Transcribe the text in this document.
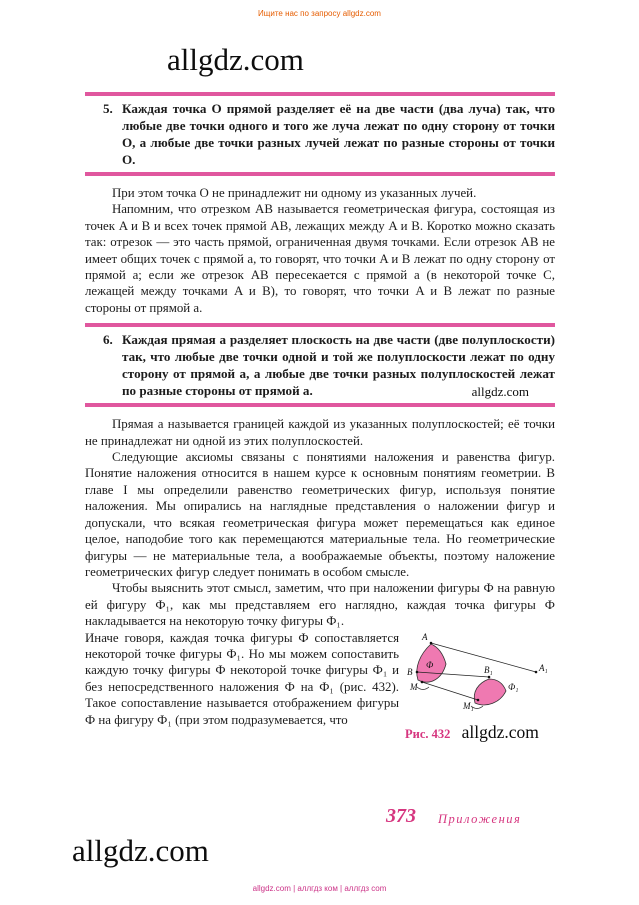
Ищите нас по запросу allgdz.com
allgdz.com
5. Каждая точка O прямой разделяет её на две части (два луча) так, что любые две точки одного и того же луча лежат по одну сторону от точки O, а любые две точки разных лучей лежат по разные стороны от точки O.

При этом точка O не принадлежит ни одному из указанных лучей.

Напомним, что отрезком AB называется геометрическая фигура, состоящая из точек A и B и всех точек прямой AB, лежащих между A и B. Коротко можно сказать так: отрезок — это часть прямой, ограниченная двумя точками. Если отрезок AB не имеет общих точек с прямой a, то говорят, что точки A и B лежат по одну сторону от прямой a; если же отрезок AB пересекается с прямой a (в некоторой точке C, лежащей между точками A и B), то говорят, что точки A и B лежат по разные стороны от прямой a.

6. Каждая прямая a разделяет плоскость на две части (две полуплоскости) так, что любые две точки одной и той же полуплоскости лежат по одну сторону от прямой a, а любые две точки разных полуплоскостей лежат по разные стороны от прямой a.	allgdz.com

Прямая a называется границей каждой из указанных полуплоскостей; её точки не принадлежат ни одной из этих полуплоскостей.

Следующие аксиомы связаны с понятиями наложения и равенства фигур. Понятие наложения относится в нашем курсе к основным понятиям геометрии. В главе I мы определили равенство геометрических фигур, используя понятие наложения. Мы опирались на наглядные представления о наложении фигур и допускали, что всякая геометрическая фигура может перемещаться как единое целое, наподобие того как перемещаются материальные тела. Но геометрические фигуры — не материальные тела, а воображаемые объекты, поэтому наложение геометрических фигур следует понимать в особом смысле.

Чтобы выяснить этот смысл, заметим, что при наложении фигуры Ф на равную ей фигуру Ф₁, как мы представляем его наглядно, каждая точка фигуры Ф накладывается на некоторую точку фигуры Ф₁.

A
B
M
Ф	A₁
B₁
M₁
Ф₁
Рис. 432 allgdz.com
Иначе говоря, каждая точка фигуры Ф сопоставляется некоторой точке фигуры Ф₁. Но мы можем сопоставить каждую точку фигуры Ф некоторой точке фигуры Ф₁ и без непосредственного наложения Ф на Ф₁ (рис. 432). Такое сопоставление называется отображением фигуры Ф на фигуру Ф₁ (при этом подразумевается, что
373 Приложения
allgdz.com
allgdz.com | аллгдз ком | аллгдз com
